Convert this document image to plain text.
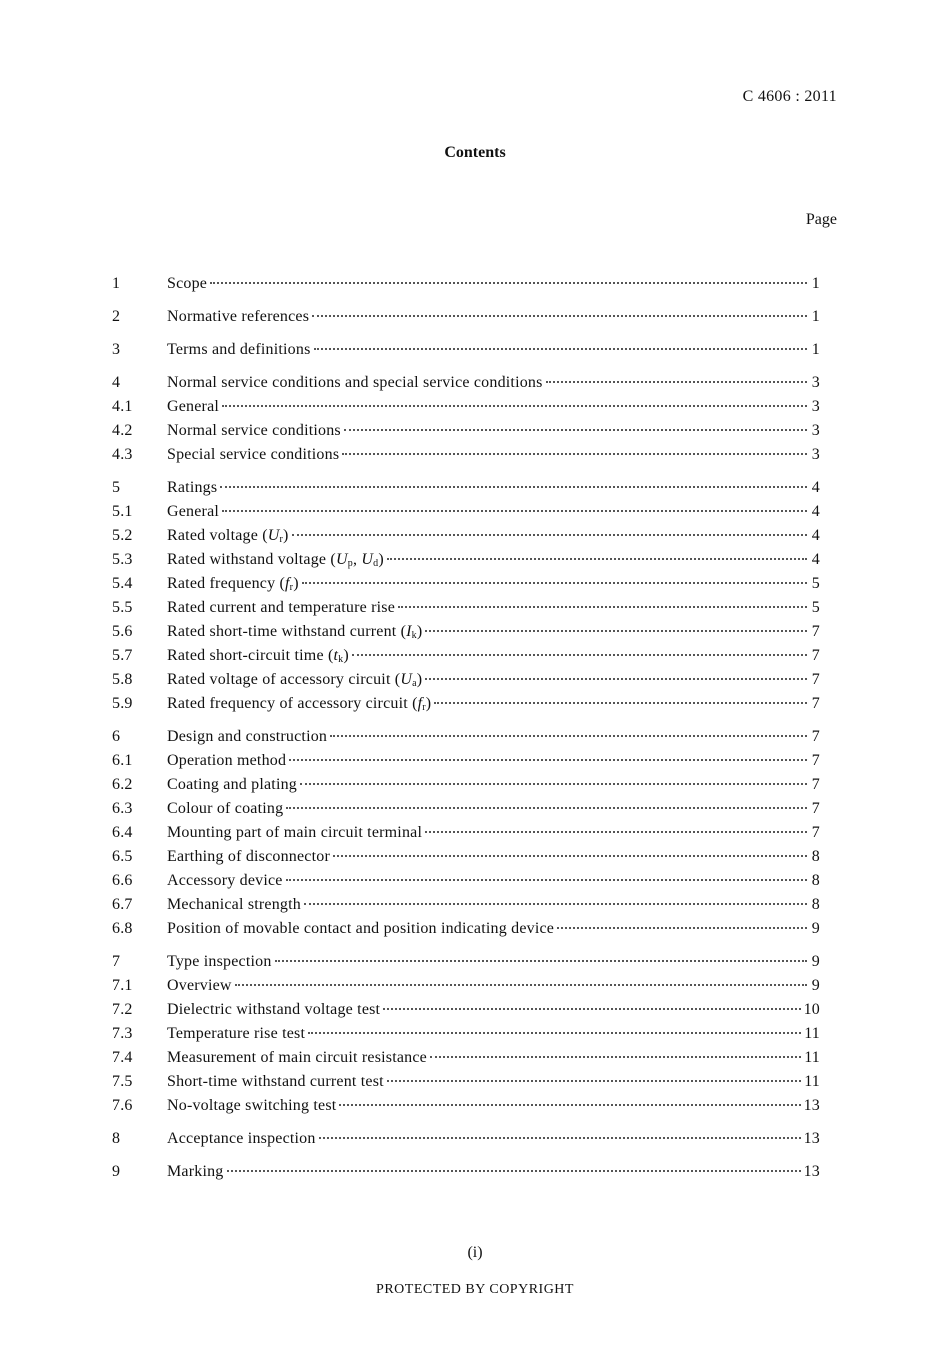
C 4606 : 2011
Contents
Page
1	Scope	1
2	Normative references	1
3	Terms and definitions	1
4	Normal service conditions and special service conditions	3
4.1	General	3
4.2	Normal service conditions	3
4.3	Special service conditions	3
5	Ratings	4
5.1	General	4
5.2	Rated voltage $(U_r)$	4
5.3	Rated withstand voltage ($U_p$, $U_d$)	4
5.4	Rated frequency $(f_r)$	5
5.5	Rated current and temperature rise	5
5.6	Rated short-time withstand current $(I_k)$	7
5.7	Rated short-circuit time $(t_k)$	7
5.8	Rated voltage of accessory circuit $(U_a)$	7
5.9	Rated frequency of accessory circuit $(f_r)$	7
6	Design and construction	7
6.1	Operation method	7
6.2	Coating and plating	7
6.3	Colour of coating	7
6.4	Mounting part of main circuit terminal	7
6.5	Earthing of disconnector	8
6.6	Accessory device	8
6.7	Mechanical strength	8
6.8	Position of movable contact and position indicating device	9
7	Type inspection	9
7.1	Overview	9
7.2	Dielectric withstand voltage test	10
7.3	Temperature rise test	11
7.4	Measurement of main circuit resistance	11
7.5	Short-time withstand current test	11
7.6	No-voltage switching test	13
8	Acceptance inspection	13
9	Marking	13
(i)
PROTECTED BY COPYRIGHT
